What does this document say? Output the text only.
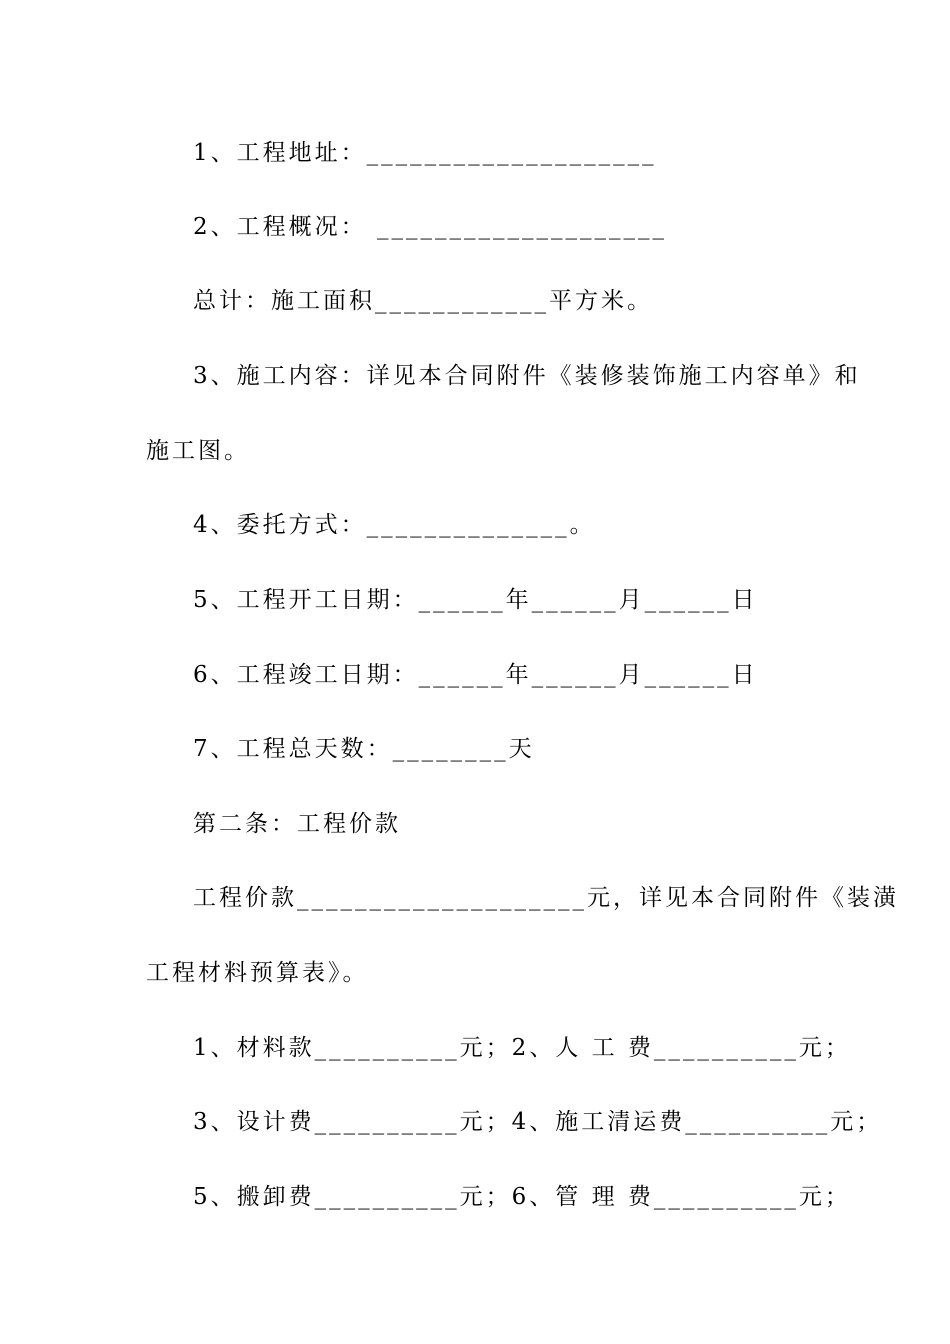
1、工程地址：____________________
2、工程概况： ____________________
总计：施工面积____________平方米。
3、施工内容：详见本合同附件《装修装饰施工内容单》和
施工图。
4、委托方式：______________。
5、工程开工日期：______年______月______日
6、工程竣工日期：______年______月______日
7、工程总天数：________天
第二条：工程价款
工程价款____________________元，详见本合同附件《装潢
工程材料预算表》。
1、材料款__________元；2、人 工 费__________元；
3、设计费__________元；4、施工清运费__________元；
5、搬卸费__________元；6、管 理 费__________元；
